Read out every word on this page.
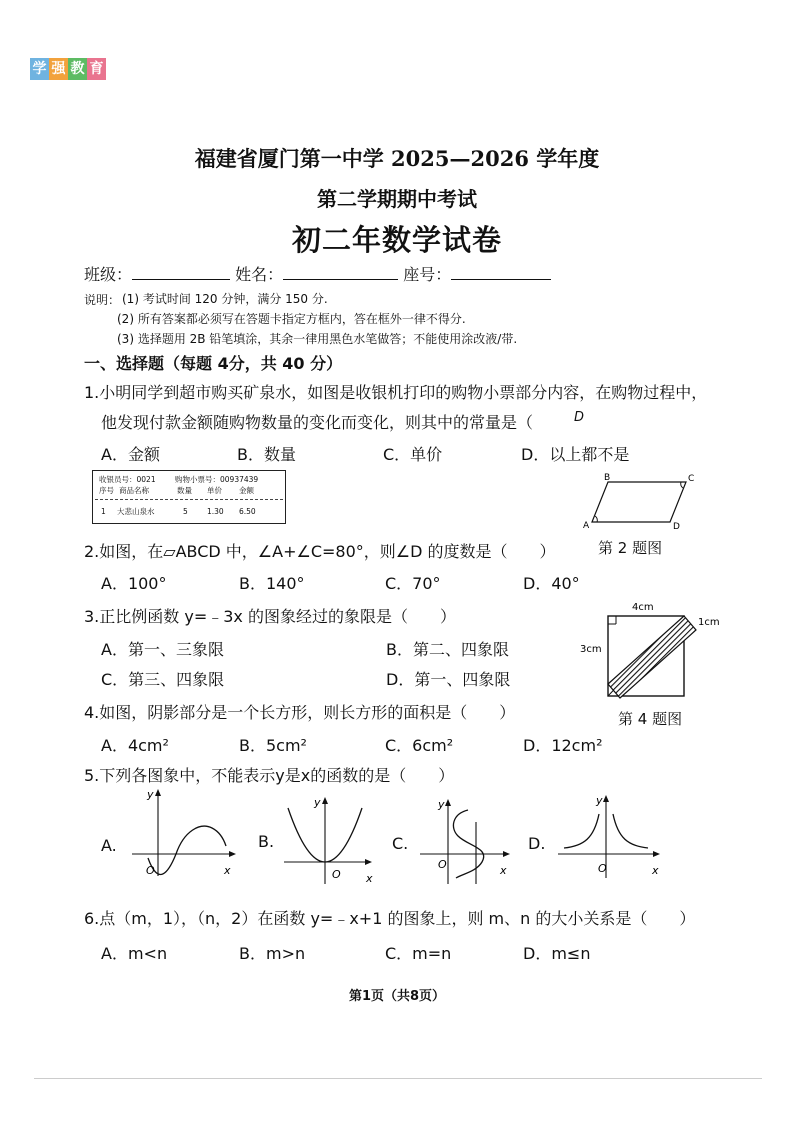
学 强 教 育
福建省厦门第一中学 2025—2026 学年度
第二学期期中考试
初二年数学试卷
班级：	姓名：	座号：
说明： (1) 考试时间 120 分钟，满分 150 分.
(2) 所有答案都必须写在答题卡指定方框内，答在框外一律不得分.
(3) 选择题用 2B 铅笔填涂，其余一律用黑色水笔做答；不能使用涂改液/带.
一、选择题（每题 4分，共 40 分）
1.小明同学到超市购买矿泉水，如图是收银机打印的购物小票部分内容，在购物过程中，
他发现付款金额随购物数量的变化而变化，则其中的常量是（	D
A．金额	B．数量	C．单价	D．以上都不是
收银员号：0021	购物小票号：00937439
序号 商品名称	数量 单价 金额
1 大悲山泉水	5	1.30 6.50
B	C
A	D
2.如图，在▱ABCD 中，∠A+∠C=80°，则∠D 的度数是（　　）	第 2 题图
A．100°	B．140°	C．70°	D．40°
3.正比例函数 y=﹣3x 的图象经过的象限是（　　）
A．第一、三象限	B．第二、四象限
C．第三、四象限	D．第一、四象限
4cm
3cm
1cm
4.如图，阴影部分是一个长方形，则长方形的面积是（　　）	第 4 题图
A．4cm²	B．5cm²	C．6cm²	D．12cm²
5.下列各图象中，不能表示y是x的函数的是（　　）
A.
y
O	x
B.
y
O x
C.
y
O	x
D.
y
O	x
6.点（m，1），（n，2）在函数 y=﹣x+1 的图象上，则 m、n 的大小关系是（　　）
A．m<n	B．m>n	C．m=n	D．m≤n
第1页（共8页）
